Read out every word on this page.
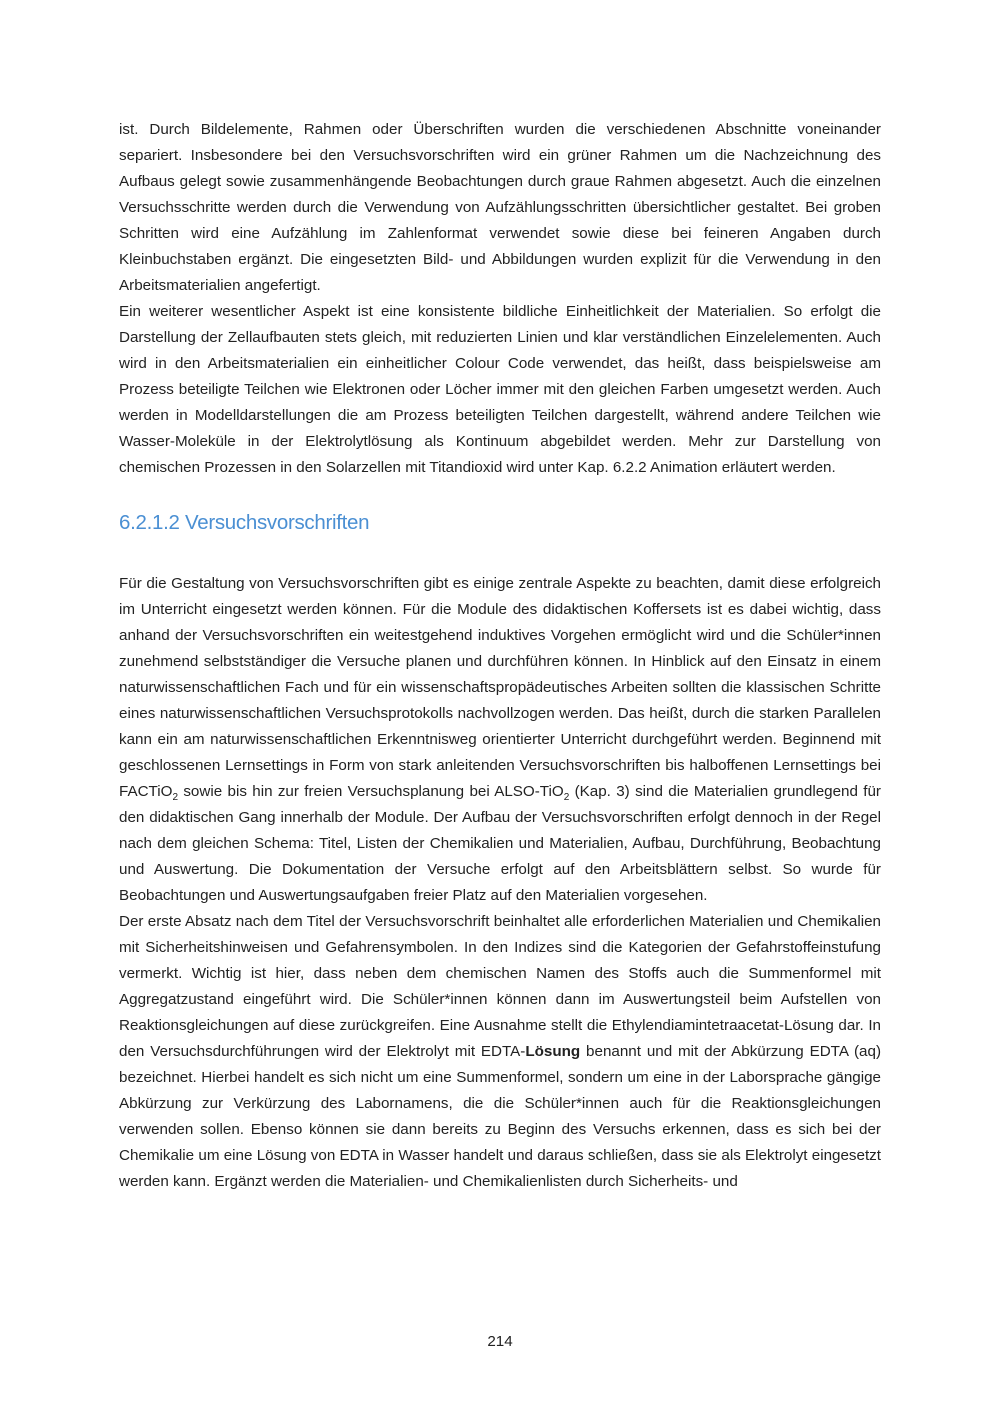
ist. Durch Bildelemente, Rahmen oder Überschriften wurden die verschiedenen Abschnitte voneinander separiert. Insbesondere bei den Versuchsvorschriften wird ein grüner Rahmen um die Nachzeichnung des Aufbaus gelegt sowie zusammenhängende Beobachtungen durch graue Rahmen abgesetzt. Auch die einzelnen Versuchsschritte werden durch die Verwendung von Aufzählungsschritten übersichtlicher gestaltet. Bei groben Schritten wird eine Aufzählung im Zahlenformat verwendet sowie diese bei feineren Angaben durch Kleinbuchstaben ergänzt. Die eingesetzten Bild- und Abbildungen wurden explizit für die Verwendung in den Arbeitsmaterialien angefertigt.

Ein weiterer wesentlicher Aspekt ist eine konsistente bildliche Einheitlichkeit der Materialien. So erfolgt die Darstellung der Zellaufbauten stets gleich, mit reduzierten Linien und klar verständlichen Einzelelementen. Auch wird in den Arbeitsmaterialien ein einheitlicher Colour Code verwendet, das heißt, dass beispielsweise am Prozess beteiligte Teilchen wie Elektronen oder Löcher immer mit den gleichen Farben umgesetzt werden. Auch werden in Modelldarstellungen die am Prozess beteiligten Teilchen dargestellt, während andere Teilchen wie Wasser-Moleküle in der Elektrolytlösung als Kontinuum abgebildet werden. Mehr zur Darstellung von chemischen Prozessen in den Solarzellen mit Titandioxid wird unter Kap. 6.2.2 Animation erläutert werden.

6.2.1.2 Versuchsvorschriften

Für die Gestaltung von Versuchsvorschriften gibt es einige zentrale Aspekte zu beachten, damit diese erfolgreich im Unterricht eingesetzt werden können. Für die Module des didaktischen Koffersets ist es dabei wichtig, dass anhand der Versuchsvorschriften ein weitestgehend induktives Vorgehen ermöglicht wird und die Schüler*innen zunehmend selbstständiger die Versuche planen und durchführen können. In Hinblick auf den Einsatz in einem naturwissenschaftlichen Fach und für ein wissenschaftspropädeutisches Arbeiten sollten die klassischen Schritte eines naturwissenschaftlichen Versuchsprotokolls nachvollzogen werden. Das heißt, durch die starken Parallelen kann ein am naturwissenschaftlichen Erkenntnisweg orientierter Unterricht durchgeführt werden. Beginnend mit geschlossenen Lernsettings in Form von stark anleitenden Versuchsvorschriften bis halboffenen Lernsettings bei FACTiO$_2$ sowie bis hin zur freien Versuchsplanung bei ALSO-TiO$_2$ (Kap. 3) sind die Materialien grundlegend für den didaktischen Gang innerhalb der Module. Der Aufbau der Versuchsvorschriften erfolgt dennoch in der Regel nach dem gleichen Schema: Titel, Listen der Chemikalien und Materialien, Aufbau, Durchführung, Beobachtung und Auswertung. Die Dokumentation der Versuche erfolgt auf den Arbeitsblättern selbst. So wurde für Beobachtungen und Auswertungsaufgaben freier Platz auf den Materialien vorgesehen.

Der erste Absatz nach dem Titel der Versuchsvorschrift beinhaltet alle erforderlichen Materialien und Chemikalien mit Sicherheitshinweisen und Gefahrensymbolen. In den Indizes sind die Kategorien der Gefahrstoffeinstufung vermerkt. Wichtig ist hier, dass neben dem chemischen Namen des Stoffs auch die Summenformel mit Aggregatzustand eingeführt wird. Die Schüler*innen können dann im Auswertungsteil beim Aufstellen von Reaktionsgleichungen auf diese zurückgreifen. Eine Ausnahme stellt die Ethylendiamintetraacetat-Lösung dar. In den Versuchsdurchführungen wird der Elektrolyt mit EDTA-Lösung benannt und mit der Abkürzung EDTA (aq) bezeichnet. Hierbei handelt es sich nicht um eine Summenformel, sondern um eine in der Laborsprache gängige Abkürzung zur Verkürzung des Labornamens, die die Schüler*innen auch für die Reaktionsgleichungen verwenden sollen. Ebenso können sie dann bereits zu Beginn des Versuchs erkennen, dass es sich bei der Chemikalie um eine Lösung von EDTA in Wasser handelt und daraus schließen, dass sie als Elektrolyt eingesetzt werden kann. Ergänzt werden die Materialien- und Chemikalienlisten durch Sicherheits- und

214
